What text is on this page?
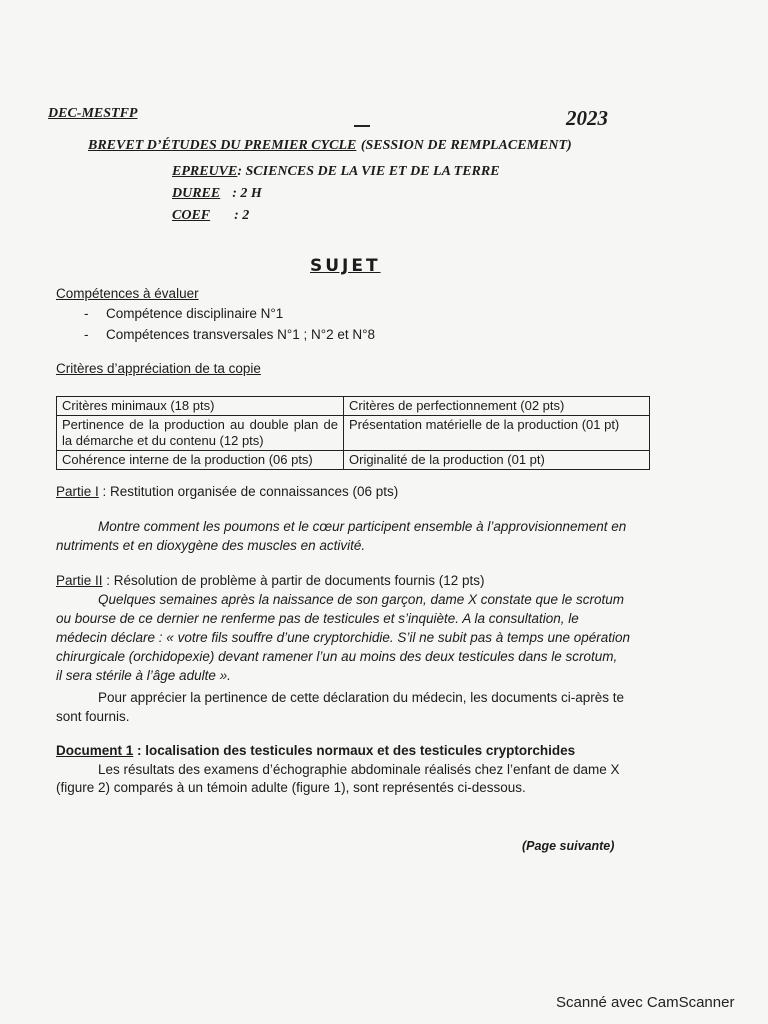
DEC-MESTFP	2023
BREVET D’ÉTUDES DU PREMIER CYCLE (SESSION DE REMPLACEMENT)
EPREUVE: SCIENCES DE LA VIE ET DE LA TERRE
DUREE : 2 H
COEF : 2
SUJET
Compétences à évaluer
- Compétence disciplinaire N°1
- Compétences transversales N°1 ; N°2 et N°8
Critères d’appréciation de ta copie
Critères minimaux (18 pts)	Critères de perfectionnement (02 pts)
Pertinence de la production au double plan de la démarche et du contenu (12 pts)	Présentation matérielle de la production (01 pt)
Cohérence interne de la production (06 pts)	Originalité de la production (01 pt)
Partie I : Restitution organisée de connaissances (06 pts)
Montre comment les poumons et le cœur participent ensemble à l’approvisionnement en
nutriments et en dioxygène des muscles en activité.
Partie II : Résolution de problème à partir de documents fournis (12 pts)
Quelques semaines après la naissance de son garçon, dame X constate que le scrotum
ou bourse de ce dernier ne renferme pas de testicules et s’inquiète. A la consultation, le
médecin déclare : « votre fils souffre d’une cryptorchidie. S’il ne subit pas à temps une opération
chirurgicale (orchidopexie) devant ramener l’un au moins des deux testicules dans le scrotum,
il sera stérile à l’âge adulte ».
Pour apprécier la pertinence de cette déclaration du médecin, les documents ci-après te
sont fournis.
Document 1 : localisation des testicules normaux et des testicules cryptorchides
Les résultats des examens d’échographie abdominale réalisés chez l’enfant de dame X
(figure 2) comparés à un témoin adulte (figure 1), sont représentés ci-dessous.
(Page suivante)
Scanné avec CamScanner
